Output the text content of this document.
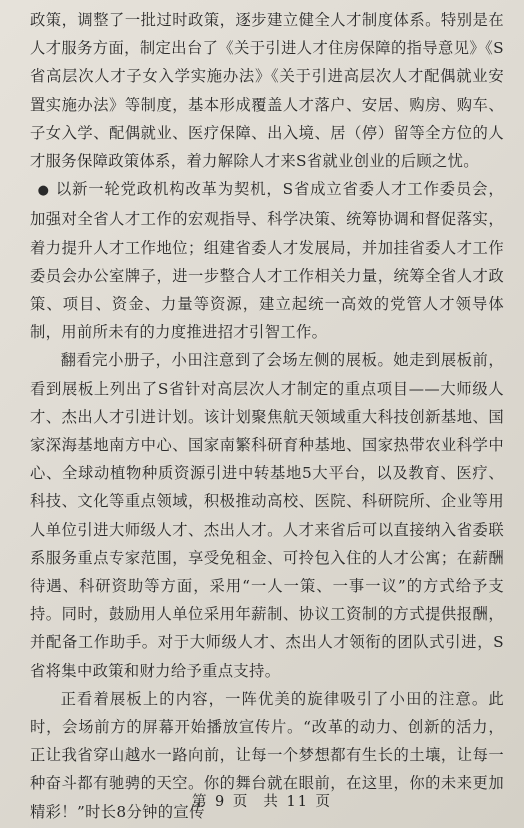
政策，调整了一批过时政策，逐步建立健全人才制度体系。特别是在人才服务方面，制定出台了《关于引进人才住房保障的指导意见》《S省高层次人才子女入学实施办法》《关于引进高层次人才配偶就业安置实施办法》等制度，基本形成覆盖人才落户、安居、购房、购车、子女入学、配偶就业、医疗保障、出入境、居（停）留等全方位的人才服务保障政策体系，着力解除人才来S省就业创业的后顾之忧。

● 以新一轮党政机构改革为契机，S省成立省委人才工作委员会，加强对全省人才工作的宏观指导、科学决策、统筹协调和督促落实，着力提升人才工作地位；组建省委人才发展局，并加挂省委人才工作委员会办公室牌子，进一步整合人才工作相关力量，统筹全省人才政策、项目、资金、力量等资源，建立起统一高效的党管人才领导体制，用前所未有的力度推进招才引智工作。

翻看完小册子，小田注意到了会场左侧的展板。她走到展板前，看到展板上列出了S省针对高层次人才制定的重点项目——大师级人才、杰出人才引进计划。该计划聚焦航天领域重大科技创新基地、国家深海基地南方中心、国家南繁科研育种基地、国家热带农业科学中心、全球动植物种质资源引进中转基地5大平台，以及教育、医疗、科技、文化等重点领域，积极推动高校、医院、科研院所、企业等用人单位引进大师级人才、杰出人才。人才来省后可以直接纳入省委联系服务重点专家范围，享受免租金、可拎包入住的人才公寓；在薪酬待遇、科研资助等方面，采用“一人一策、一事一议”的方式给予支持。同时，鼓励用人单位采用年薪制、协议工资制的方式提供报酬，并配备工作助手。对于大师级人才、杰出人才领衔的团队式引进，S省将集中政策和财力给予重点支持。

正看着展板上的内容，一阵优美的旋律吸引了小田的注意。此时，会场前方的屏幕开始播放宣传片。“改革的动力、创新的活力，正让我省穿山越水一路向前，让每一个梦想都有生长的土壤，让每一种奋斗都有驰骋的天空。你的舞台就在眼前，在这里，你的未来更加精彩！”时长8分钟的宣传

第 9 页 共 11 页
